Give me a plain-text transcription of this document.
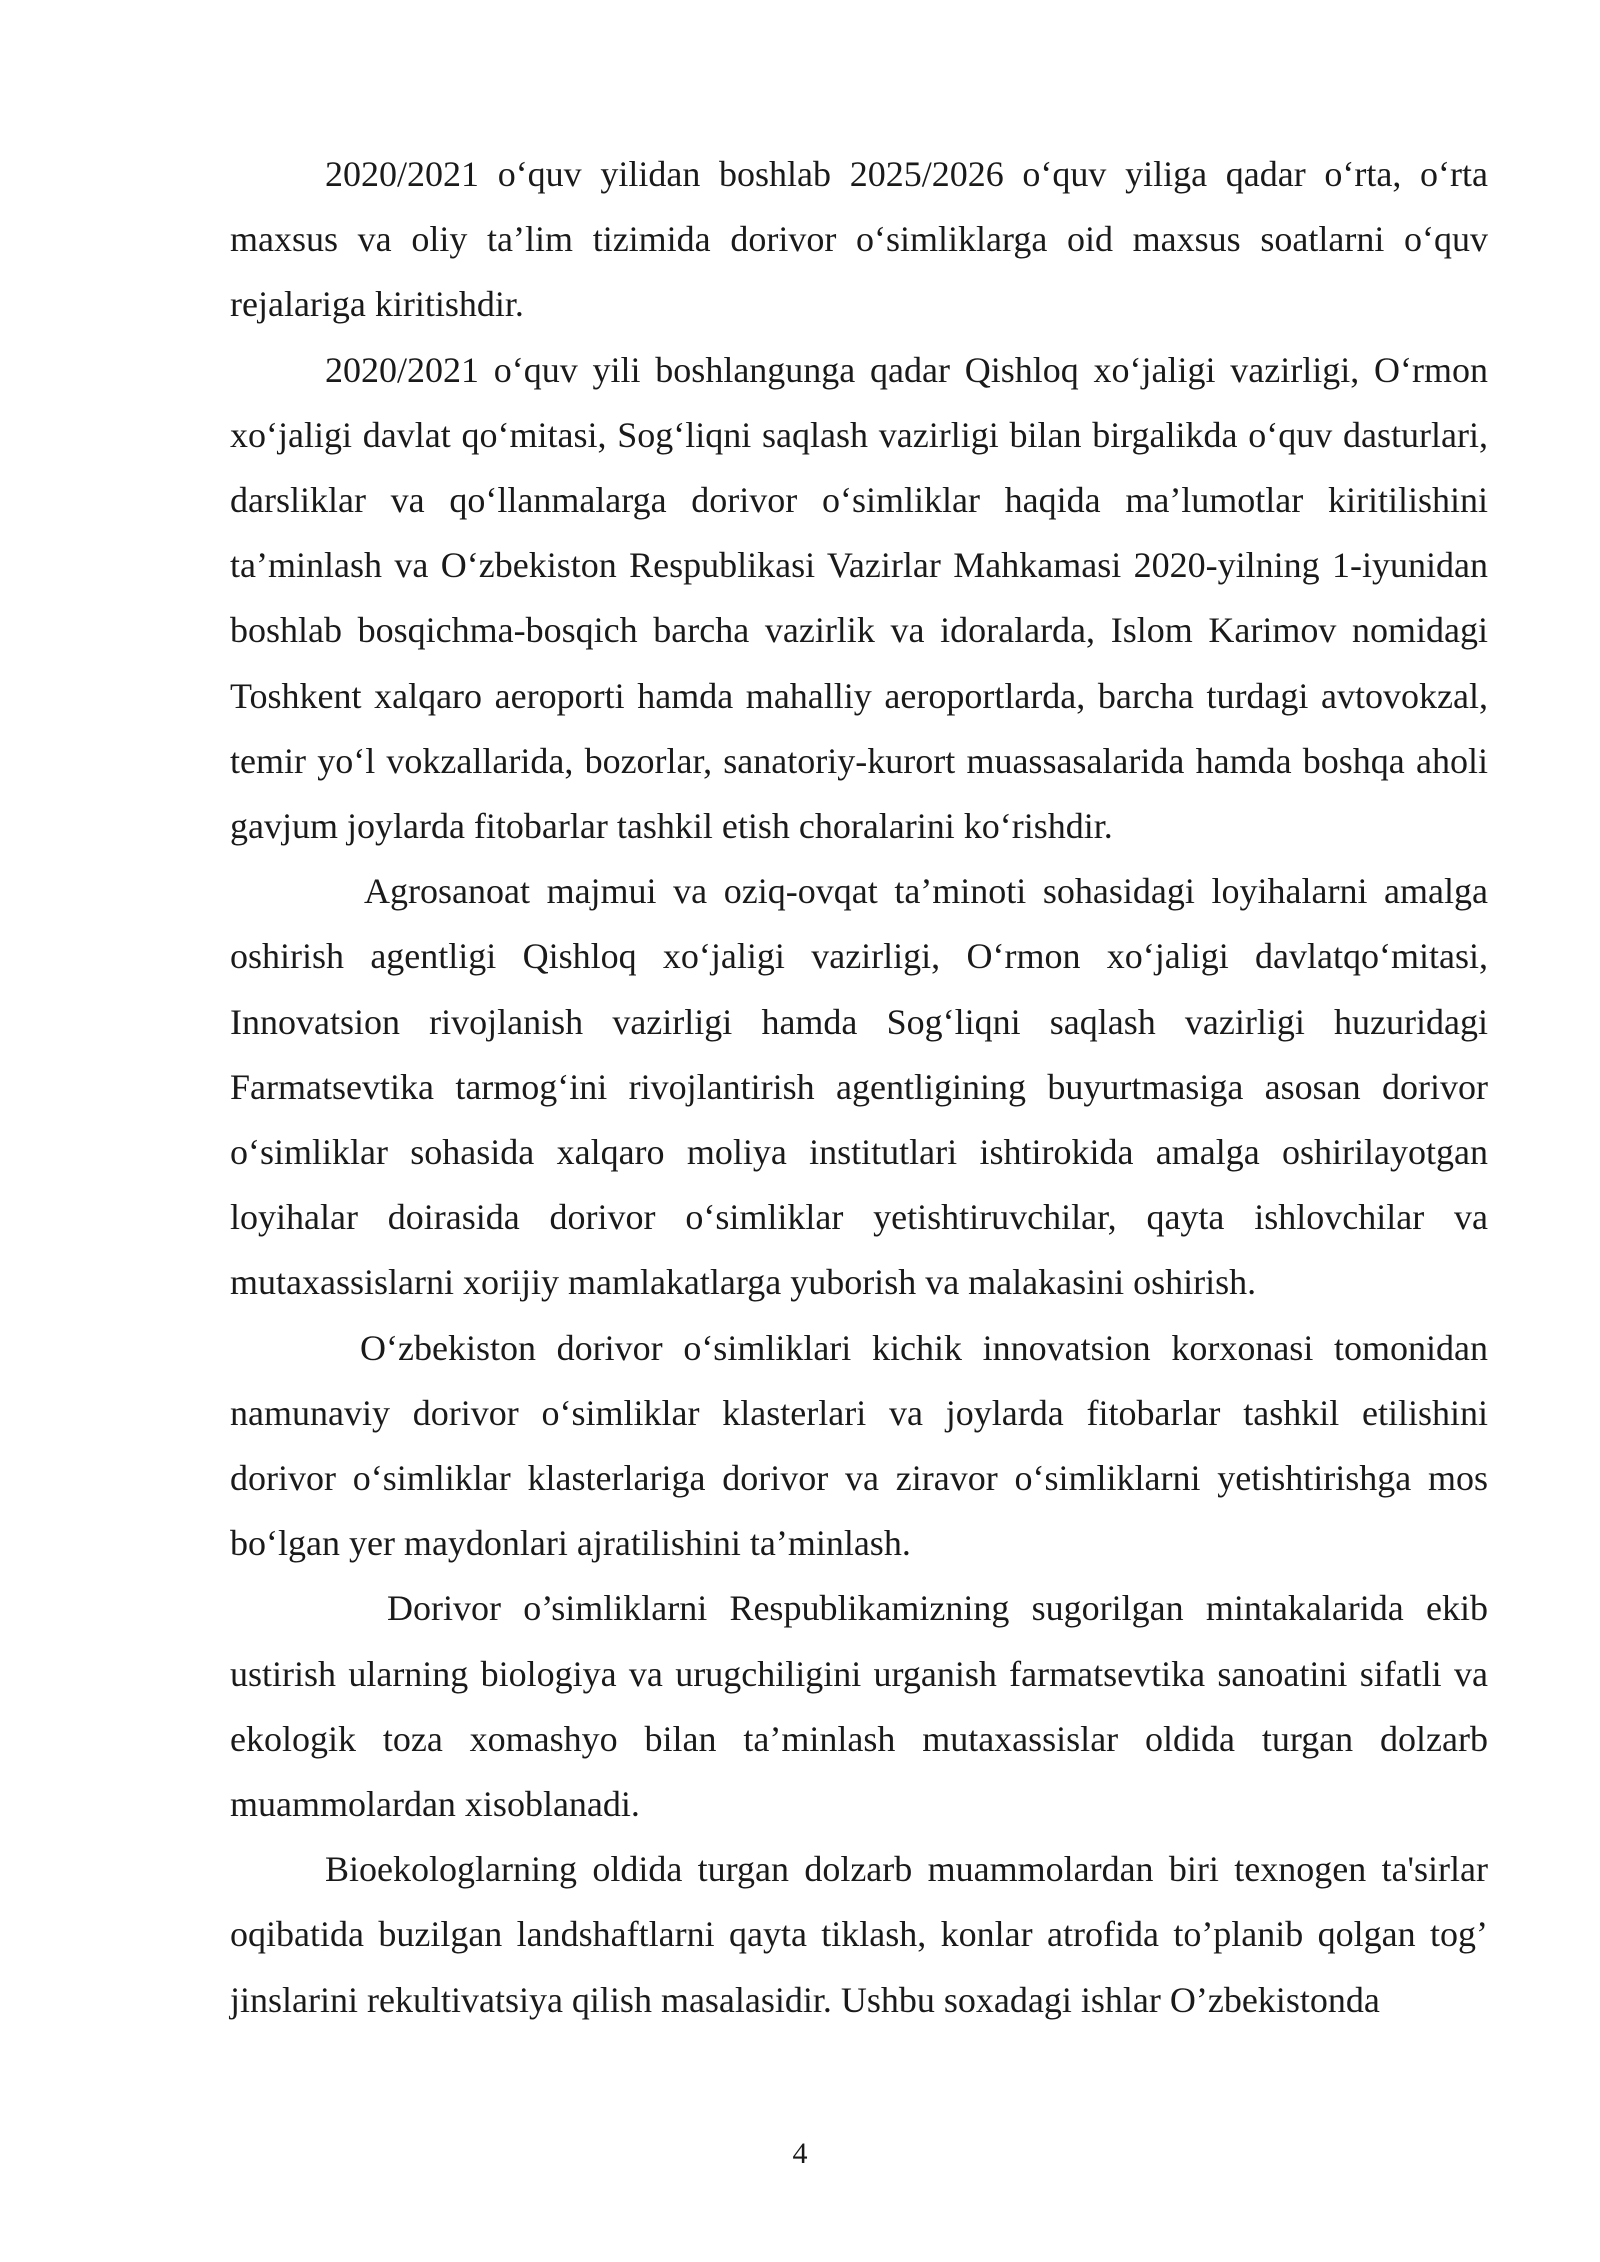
2020/2021 o‘quv yilidan boshlab 2025/2026 o‘quv yiliga qadar o‘rta, o‘rta maxsus va oliy ta’lim tizimida dorivor o‘simliklarga oid maxsus soatlarni o‘quv rejalariga kiritishdir.

2020/2021 o‘quv yili boshlangunga qadar Qishloq xo‘jaligi vazirligi, O‘rmon xo‘jaligi davlat qo‘mitasi, Sog‘liqni saqlash vazirligi bilan birgalikda o‘quv dasturlari, darsliklar va qo‘llanmalarga dorivor o‘simliklar haqida ma’lumotlar kiritilishini ta’minlash va O‘zbekiston Respublikasi Vazirlar Mahkamasi 2020-yilning 1-iyunidan boshlab bosqichma-bosqich barcha vazirlik va idoralarda, Islom Karimov nomidagi Toshkent xalqaro aeroporti hamda mahalliy aeroportlarda, barcha turdagi avtovokzal, temir yo‘l vokzallarida, bozorlar, sanatoriy-kurort muassasalarida hamda boshqa aholi gavjum joylarda fitobarlar tashkil etish choralarini ko‘rishdir.

Agrosanoat majmui va oziq-ovqat ta’minoti sohasidagi loyihalarni amalga oshirish agentligi Qishloq xo‘jaligi vazirligi, O‘rmon xo‘jaligi davlatqo‘mitasi, Innovatsion rivojlanish vazirligi hamda Sog‘liqni saqlash vazirligi huzuridagi Farmatsevtika tarmog‘ini rivojlantirish agentligining buyurtmasiga asosan dorivor o‘simliklar sohasida xalqaro moliya institutlari ishtirokida amalga oshirilayotgan loyihalar doirasida dorivor o‘simliklar yetishtiruvchilar, qayta ishlovchilar va mutaxassislarni xorijiy mamlakatlarga yuborish va malakasini oshirish.

O‘zbekiston dorivor o‘simliklari kichik innovatsion korxonasi tomonidan namunaviy dorivor o‘simliklar klasterlari va joylarda fitobarlar tashkil etilishini dorivor o‘simliklar klasterlariga dorivor va ziravor o‘simliklarni yetishtirishga mos bo‘lgan yer maydonlari ajratilishini ta’minlash.

Dorivor o’simliklarni Respublikamizning sugorilgan mintakalarida ekib ustirish ularning biologiya va urugchiligini urganish farmatsevtika sanoatini sifatli va ekologik toza xomashyo bilan ta’minlash mutaxassislar oldida turgan dolzarb muammolardan xisoblanadi.

Bioekologlarning oldida turgan dolzarb muammolardan biri texnogen ta'sirlar oqibatida buzilgan landshaftlarni qayta tiklash, konlar atrofida to’planib qolgan tog’ jinslarini rekultivatsiya qilish masalasidir. Ushbu soxadagi ishlar O’zbekistonda

4
